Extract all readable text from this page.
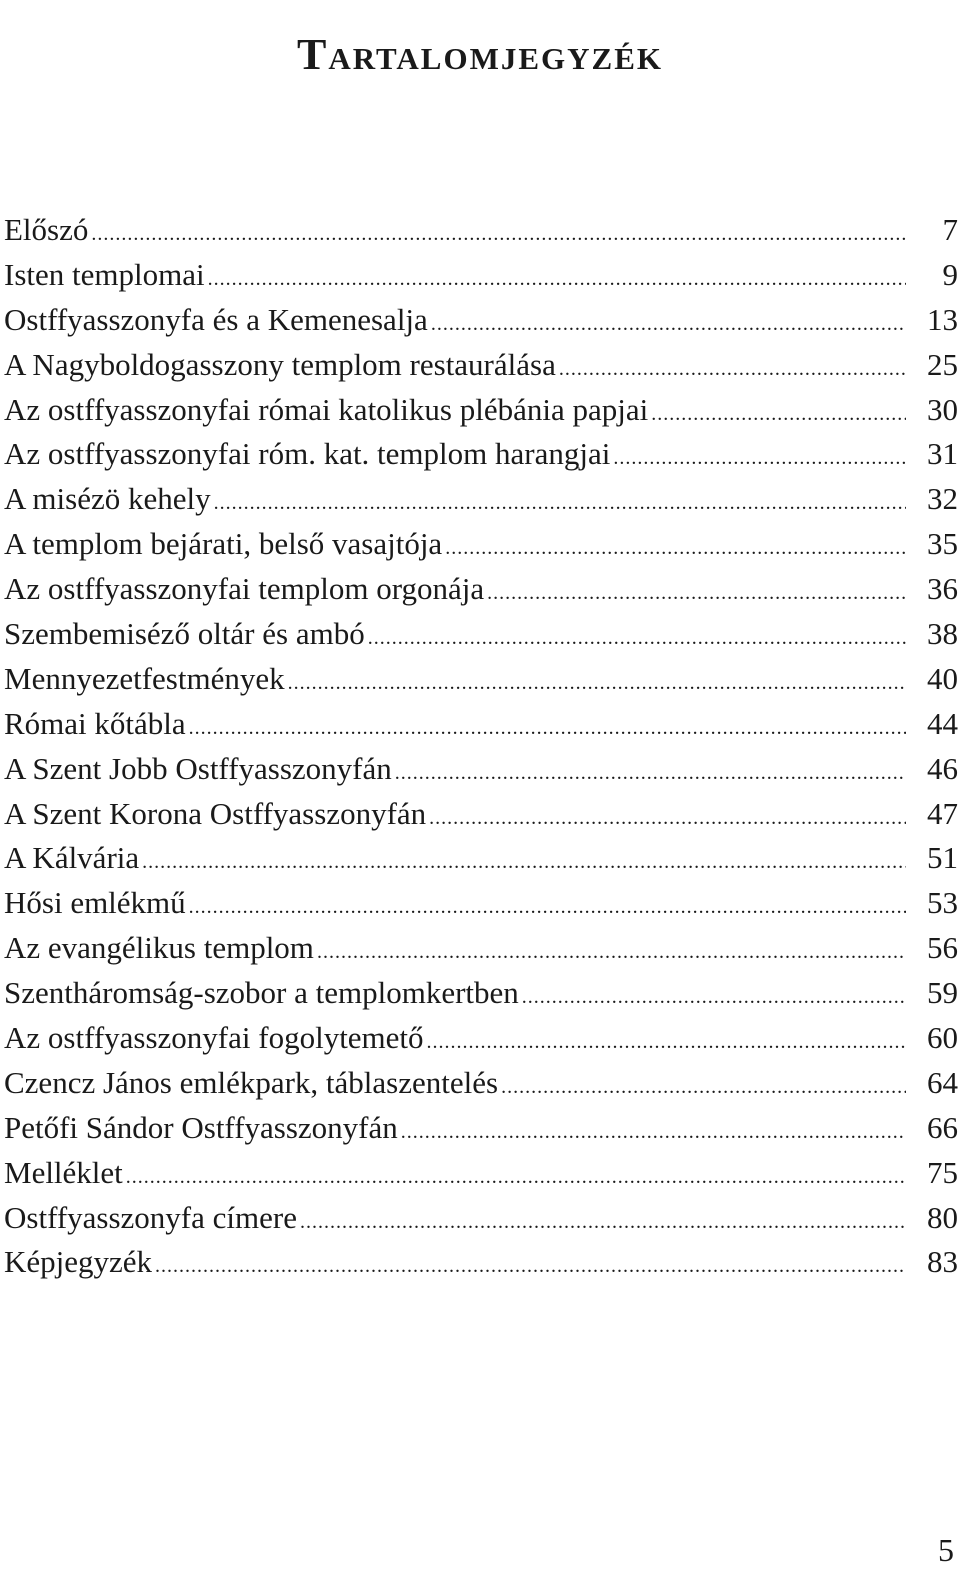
Tartalomjegyzék
Előszó .....	7
Isten templomai .....	9
Ostffyasszonyfa és a Kemenesalja .....	13
A Nagyboldogasszony templom restaurálása .....	25
Az ostffyasszonyfai római katolikus plébánia papjai .....	30
Az ostffyasszonyfai róm. kat. templom harangjai .....	31
A misézö kehely .....	32
A templom bejárati, belső vasajtója .....	35
Az ostffyasszonyfai templom orgonája .....	36
Szembemiséző oltár és ambó .....	38
Mennyezetfestmények .....	40
Római kőtábla .....	44
A Szent Jobb Ostffyasszonyfán .....	46
A Szent Korona Ostffyasszonyfán .....	47
A Kálvária .....	51
Hősi emlékmű .....	53
Az evangélikus templom .....	56
Szentháromság-szobor a templomkertben .....	59
Az ostffyasszonyfai fogolytemető .....	60
Czencz János emlékpark, táblaszentelés .....	64
Petőfi Sándor Ostffyasszonyfán .....	66
Melléklet .....	75
Ostffyasszonyfa címere .....	80
Képjegyzék .....	83
5
